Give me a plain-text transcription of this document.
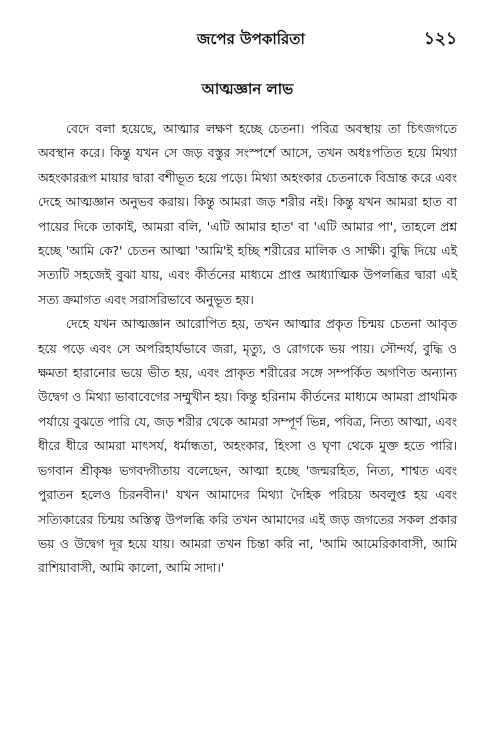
জপের উপকারিতা	১২১
আত্মজ্ঞান লাভ

বেদে বলা হয়েছে, আত্মার লক্ষণ হচ্ছে চেতনা। পবিত্র অবস্থায় তা চিৎজগতে অবস্থান করে। কিন্তু যখন সে জড় বস্তুর সংস্পর্শে আসে, তখন অধঃপতিত হয়ে মিথ্যা অহংকাররূপ মায়ার দ্বারা বশীভূত হয়ে পড়ে। মিথ্যা অহংকার চেতনাকে বিভ্রান্ত করে এবং দেহে আত্মজ্ঞান অনুভব করায়। কিন্তু আমরা জড় শরীর নই। কিন্তু যখন আমরা হাত বা পায়ের দিকে তাকাই, আমরা বলি, 'এটি আমার হাত' বা 'এটি আমার পা', তাহলে প্রশ্ন হচ্ছে 'আমি কে?' চেতন আত্মা 'আমি'ই হচ্ছি শরীরের মালিক ও সাক্ষী। বুদ্ধি দিয়ে এই সত্যটি সহজেই বুঝা যায়, এবং কীর্তনের মাধ্যমে প্রাপ্ত আধ্যাত্মিক উপলব্ধির দ্বারা এই সত্য ক্রমাগত এবং সরাসরিভাবে অনুভূত হয়।

দেহে যখন আত্মজ্ঞান আরোপিত হয়, তখন আত্মার প্রকৃত চিন্ময় চেতনা আবৃত হয়ে পড়ে এবং সে অপরিহার্যভাবে জরা, মৃত্যু, ও রোগকে ভয় পায়। সৌন্দর্য, বুদ্ধি ও ক্ষমতা হারানোর ভয়ে ভীত হয়, এবং প্রাকৃত শরীরের সঙ্গে সম্পর্কিত অগণিত অন্যান্য উদ্বেগ ও মিথ্যা ভাবাবেগের সম্মুখীন হয়। কিন্তু হরিনাম কীর্তনের মাধ্যমে আমরা প্রাথমিক পর্যায়ে বুঝতে পারি যে, জড় শরীর থেকে আমরা সম্পূর্ণ ভিন্ন, পবিত্র, নিত্য আত্মা, এবং ধীরে ধীরে আমরা মাৎসর্য, ধর্মান্ধতা, অহংকার, হিংসা ও ঘৃণা থেকে মুক্ত হতে পারি। ভগবান শ্রীকৃষ্ণ ভগবদ্গীতায় বলেছেন, আত্মা হচ্ছে 'জন্মরহিত, নিত্য, শাশ্বত এবং পুরাতন হলেও চিরনবীন।' যখন আমাদের মিথ্যা দৈহিক পরিচয় অবলুপ্ত হয় এবং সত্যিকারের চিন্ময় অস্তিত্ব উপলব্ধি করি তখন আমাদের এই জড় জগতের সকল প্রকার ভয় ও উদ্বেগ দূর হয়ে যায়। আমরা তখন চিন্তা করি না, 'আমি আমেরিকাবাসী, আমি রাশিয়াবাসী, আমি কালো, আমি সাদা।'
